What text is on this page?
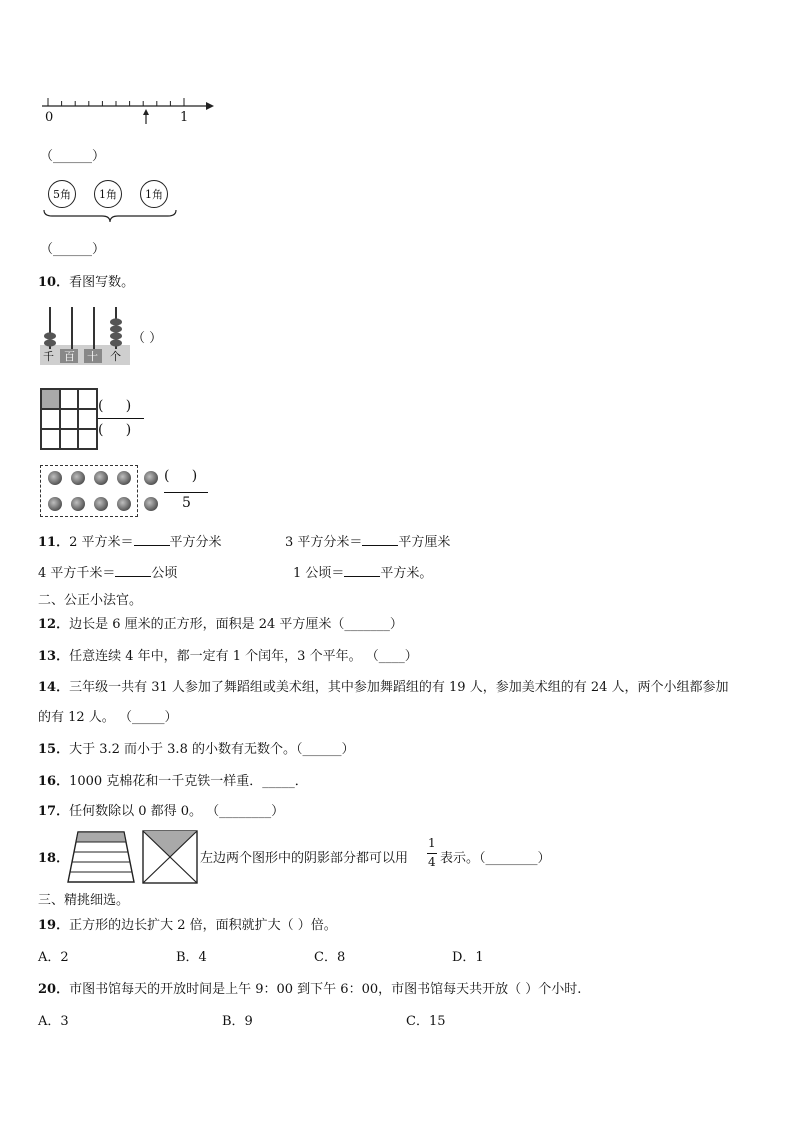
0	1
（______）
5角	1角	1角
（______）
10．看图写数。
千 百 十 个
（ ）
(     )
(     )
(     )
5
11．2 平方米＝	平方分米	3 平方分米＝	平方厘米
4 平方千米＝	公顷	1 公顷＝	平方米。
二、公正小法官。
12．边长是 6 厘米的正方形，面积是 24 平方厘米（_______）
13．任意连续 4 年中，都一定有 1 个闰年，3 个平年。 （____）
14．三年级一共有 31 人参加了舞蹈组或美术组，其中参加舞蹈组的有 19 人，参加美术组的有 24 人，两个小组都参加
的有 12 人。 （_____）
15．大于 3.2 而小于 3.8 的小数有无数个。（______）
16．1000 克棉花和一千克铁一样重．_____．
17．任何数除以 0 都得 0。 （________）
18．	左边两个图形中的阴影部分都可以用
1
4 表示。（________）
三、精挑细选。
19．正方形的边长扩大 2 倍，面积就扩大（ ）倍。
A．2	B．4	C．8	D．1
20．市图书馆每天的开放时间是上午 9：00 到下午 6：00，市图书馆每天共开放（ ）个小时.
A．3	B．9	C．15
